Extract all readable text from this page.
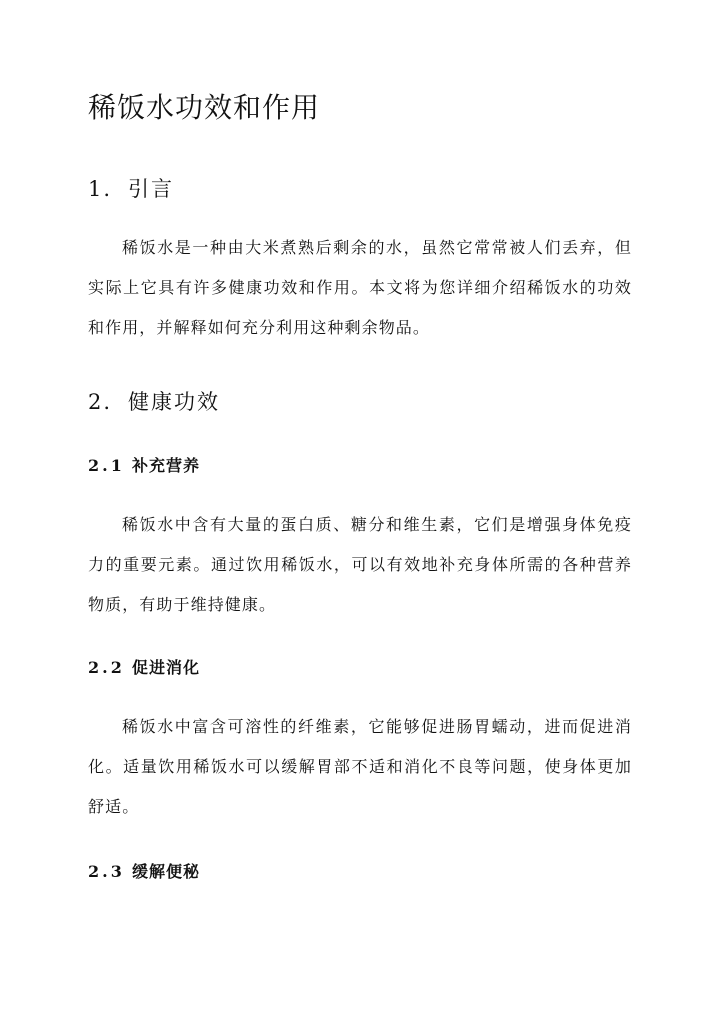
稀饭水功效和作用
1. 引言

稀饭水是一种由大米煮熟后剩余的水，虽然它常常被人们丢弃，但实际上它具有许多健康功效和作用。本文将为您详细介绍稀饭水的功效和作用，并解释如何充分利用这种剩余物品。

2. 健康功效
2.1 补充营养

稀饭水中含有大量的蛋白质、糖分和维生素，它们是增强身体免疫力的重要元素。通过饮用稀饭水，可以有效地补充身体所需的各种营养物质，有助于维持健康。

2.2 促进消化

稀饭水中富含可溶性的纤维素，它能够促进肠胃蠕动，进而促进消化。适量饮用稀饭水可以缓解胃部不适和消化不良等问题，使身体更加舒适。

2.3 缓解便秘
